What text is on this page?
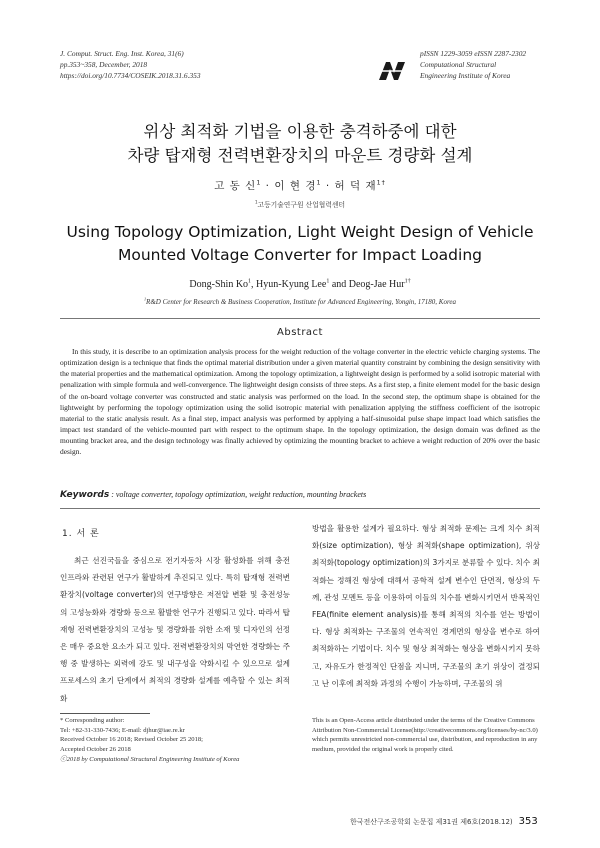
J. Comput. Struct. Eng. Inst. Korea, 31(6)
pp.353~358, December, 2018
https://doi.org/10.7734/COSEIK.2018.31.6.353
pISSN 1229-3059 eISSN 2287-2302
Computational Structural
Engineering Institute of Korea
위상 최적화 기법을 이용한 충격하중에 대한
차량 탑재형 전력변환장치의 마운트 경량화 설계
고 동 신$^1$ · 이 현 경$^1$ · 허 덕 재$^{1\dagger}$
$^1$고등기술연구원 산업협력센터
Using Topology Optimization, Light Weight Design of Vehicle
Mounted Voltage Converter for Impact Loading
Dong-Shin Ko$^1$, Hyun-Kyung Lee$^1$ and Deog-Jae Hur$^{1\dagger}$
$^1$R&D Center for Research & Business Cooperation, Institute for Advanced Engineering, Yongin, 17180, Korea
Abstract
In this study, it is describe to an optimization analysis process for the weight reduction of the voltage converter in the electric vehicle charging systems. The optimization design is a technique that finds the optimal material distribution under a given material quantity constraint by combining the design sensitivity with the material properties and the mathematical optimization. Among the topology optimization, a lightweight design is performed by a solid isotropic material with penalization with simple formula and well-convergence. The lightweight design consists of three steps. As a first step, a finite element model for the basic design of the on-board voltage converter was constructed and static analysis was performed on the load. In the second step, the optimum shape is obtained for the lightweight by performing the topology optimization using the solid isotropic material with penalization applying the stiffness coefficient of the isotropic material to the static analysis result. As a final step, impact analysis was performed by applying a half-sinusoidal pulse shape impact load which satisfies the impact test standard of the vehicle-mounted part with respect to the optimum shape. In the topology optimization, the design domain was defined as the mounting bracket area, and the design technology was finally achieved by optimizing the mounting bracket to achieve a weight reduction of 20% over the basic design.
Keywords : voltage converter, topology optimization, weight reduction, mounting brackets
1. 서 론
최근 선진국들을 중심으로 전기자동차 시장 활성화를 위해 충전 인프라와 관련된 연구가 활발하게 추진되고 있다. 특히 탑재형 전력변환장치(voltage converter)의 연구방향은 저전압 변환 및 충전성능의 고성능화와 경량화 등으로 활발한 연구가 진행되고 있다. 따라서 탑재형 전력변환장치의 고성능 및 경량화를 위한 소재 및 디자인의 선정은 매우 중요한 요소가 되고 있다. 전력변환장치의 막연한 경량화는 주행 중 발생하는 외력에 강도 및 내구성을 약화시킬 수 있으므로 설계 프로세스의 초기 단계에서 최적의 경량화 설계를 예측할 수 있는 최적화
방법을 활용한 설계가 필요하다. 형상 최적화 문제는 크게 치수 최적화(size optimization), 형상 최적화(shape optimization), 위상 최적화(topology optimization)의 3가지로 분류할 수 있다. 치수 최적화는 정해진 형상에 대해서 공학적 설계 변수인 단면적, 형상의 두께, 관성 모멘트 등을 이용하여 이들의 치수를 변화시키면서 반복적인 FEA(finite element analysis)를 통해 최적의 치수를 얻는 방법이다. 형상 최적화는 구조물의 연속적인 경계면의 형상을 변수로 하여 최적화하는 기법이다. 치수 및 형상 최적화는 형상을 변화시키지 못하고, 자유도가 한정적인 단점을 지니며, 구조물의 초기 위상이 결정되고 난 이후에 최적화 과정의 수행이 가능하며, 구조물의 위
* Corresponding author:
Tel: +82-31-330-7436; E-mail: djhur@iae.re.kr
Received October 16 2018; Revised October 25 2018;
Accepted October 26 2018
ⓒ2018 by Computational Structural Engineering Institute of Korea
This is an Open-Access article distributed under the terms of the Creative Commons Attribution Non-Commercial License(http://creativecommons.org/licenses/by-nc/3.0) which permits unrestricted non-commercial use, distribution, and reproduction in any medium, provided the original work is properly cited.
한국전산구조공학회 논문집 제31권 제6호(2018.12) 353
